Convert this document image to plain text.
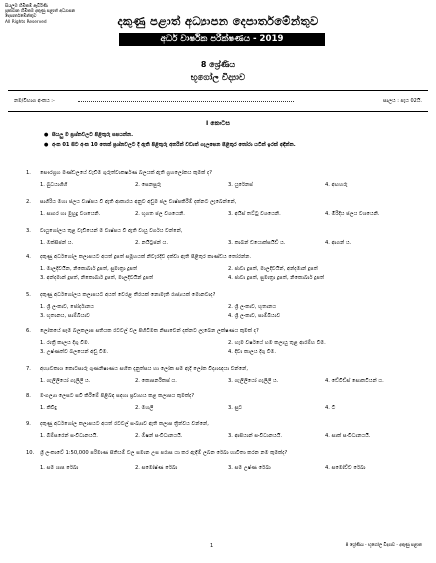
සියලුම හිමිකම් ඇවිරිණි
ප්‍රකාශන හිමිකම දකුණු පළාත් අධ්‍යාපන දෙපාර්තමේන්තුව
All Rights Reserved	දකුණු පළාත් අධ්‍යාපන දෙපාර්තමේන්තුව
අර්ධ වාර්ෂික පරීක්ෂණය - 2019
8 ශ්‍රේණිය
භූගෝල විද්‍යාව
නම/විභාග අංකය :-	සාලය : පැය 02යි.
I කොටස
● සියලු ම ප්‍රශ්නවලට පිළිතුරු සපයන්න.
● අංක 01 සිට අංක 10 තෙක් ප්‍රශ්නවලට දී ඇති පිළිතුරු අතරින් වඩාත් ගැලපෙන පිළිතුර තෝරා යටින් ඉරක් අඳින්න.
1.	සෞරග්‍රහ මණ්ඩලයේ වැඩිම ගුරුත්වාකර්ෂණ බලයක් ඇති ග්‍රහලෝකය කුමක් ද?
1. බුධයාගීහී	2. සෙනසුරු	3. යුරේනස්	4. අඟහරු
2.	සාගිරිය මහා ජලය වාෂ්පය වී ඇති ආකාරය අනුව අඩුම ජල වාෂ්පකිරීම් දක්නට ලැබෙන්නේ,
1. සාගර හා මුහුදු වශයෙනි.	2. භූගත ජල වශයෙනි.	3. අයිස් තට්ටු වශයෙනි.	4. මිරිදිය ජලය වශයෙනි.
3.	වායුගෝලය තුළ වැඩියෙන් ම වාෂ්පය වී ඇති වායු වර්ගය වන්නේ,
1. ඔක්සිජන් ය.	2. නයිට්‍රජන් ය.	3. කාබන් ඩයොක්සයිඩ් ය.	4. ආගන් ය.
4.	දකුණු අර්ධගෝල කලාපයට අයත් දූපත් සමූහයක් නිවැරදිව දක්වා ඇති පිළිතුර කාණ්ඩය තෝරන්න.
1. මාලදිවයින, නිකොබාර් දූපත්, සුමාත්‍රා දූපත්	2. ජාවා දූපත්, මාලදිවයින්, අන්දමාන් දූපත්
3. අන්දමාන් දූපත්, නිකොබාර් දූපත්, මාලදිවයින් දූපත්	4. ජාවා දූපත්, සුමාත්‍රා දූපත්, නිකොබාර් දූපත්
5.	දකුණු අර්ධගෝලය කලාපයට අයත් වෙරළ තීරයක් නොමැති රාජ්‍යයක් මොනවාද?
1. ශ්‍රී ලංකාව, ජෝර්දානය	2. ශ්‍රී ලංකාව, භූතානය
3. භූතානය, සාම්බියාව	4. ශ්‍රී ලංකාව, සාම්බියාව
6.	ලෝකයේ සෑම බලකලාප සතියක රටවල් වල පිහිටීමක නිසාවෙන් දක්නට ලැබෙන ලක්ෂණය කුමක් ද?
1. රාත්‍රී කාලය දිගු විම.	2. හැම වර්ෂයේ හම කලායු තුළ ආරම්භ වීම.
3. උෂ්ණත්ව බලයෙන් අඩු වීම.	4. දිවා කාලය දිගු වීම.
7.	අභ්‍යවකාශ කොටසාරු ගුණනිෂාණය සහිත දැනුත්සය හා ලෝක සම ඇදි ලෝක විද්‍යාඥයා වන්නේ,
1. ගැලිලියෝ ගැලිලී ය.	2. කොපර්නිකස් ය.	3. ගැලිලියෝ ගැලිලී ය.	4. ඩේවිඩ්ස් සොකටියන් ය.
8.	මංගල්‍යා ලෙසට සවි කිරීමේ පිළිබඳ සඳහා ප්‍රවාහය කළ කලාපය කුමක්ද?
1. කිවිදු	2. මහලී	3. සුට	4. ටී
9.	දකුණු අර්ධගෝල කලාපයට අයත් රටවල් සංඛ්‍යාව ඇති කලාප ත්‍රිත්වය වන්නේ,
1. බිම්සරෙන් සංවිධානයයි.	2. ඕෂන් සංවිධානයයි.	3. ආසියාන් සංවිධානයයි.	4. සාක් සංවිධානයයි.
10.	ශ්‍රී ලංකාවේ 1:50,000 පරිමාණ සිතියම් වල සමාන උස පරාස යා කර ඇඳීම් ලබන රේඛා භාවිතා කරන නම කුමක්ද?
1. සම ශාප රේඛා	2. සමෝෂ්ණ රේඛා	3. සම උෂ්ණ රේඛා	4. සමෝච්ච රේඛා
1	8 ශ්‍රේණිය - භූගෝල විද්‍යාව - දකුණු පළාත
